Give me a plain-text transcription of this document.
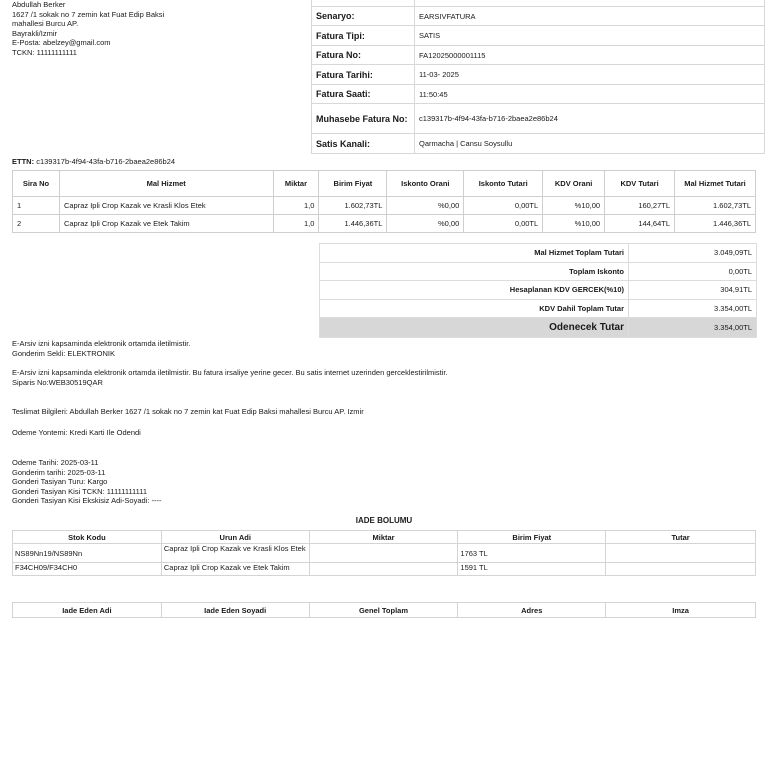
Abdullah Berker
1627 /1 sokak no 7 zemin kat Fuat Edip Baksi
mahallesi Burcu AP.
Bayrakli/Izmir
E-Posta: abelzey@gmail.com
TCKN: 11111111111

Senaryo:	EARSIVFATURA
Fatura Tipi:	SATIS
Fatura No:	FA12025000001115
Fatura Tarihi:	11-03- 2025
Fatura Saati:	11:50:45
Muhasebe Fatura No:	c139317b-4f94-43fa-b716-2baea2e86b24
Satis Kanali:	Qarmacha | Cansu Soysullu
ETTN: c139317b-4f94-43fa-b716-2baea2e86b24
Sira No	Mal Hizmet	Miktar	Birim Fiyat	Iskonto Orani	Iskonto Tutari	KDV Orani	KDV Tutari	Mal Hizmet Tutari
1	Capraz Ipli Crop Kazak ve Krasli Klos Etek	1,0	1.602,73TL	%0,00	0,00TL	%10,00	160,27TL	1.602,73TL
2	Capraz Ipli Crop Kazak ve Etek Takim	1,0	1.446,36TL	%0,00	0,00TL	%10,00	144,64TL	1.446,36TL
Mal Hizmet Toplam Tutari	3.049,09TL
Toplam Iskonto	0,00TL
Hesaplanan KDV GERCEK(%10)	304,91TL
KDV Dahil Toplam Tutar	3.354,00TL
Odenecek Tutar	3.354,00TL
E-Arsiv izni kapsaminda elektronik ortamda iletilmistir.
Gonderim Sekli: ELEKTRONIK
E-Arsiv izni kapsaminda elektronik ortamda iletilmistir. Bu fatura irsaliye yerine gecer. Bu satis internet uzerinden gerceklestirilmistir.
Siparis No:WEB30519QAR
Teslimat Bilgileri: Abdullah Berker 1627 /1 sokak no 7 zemin kat Fuat Edip Baksi mahallesi Burcu AP. Izmir
Odeme Yontemi: Kredi Karti Ile Odendi
Odeme Tarihi: 2025-03-11
Gonderim tarihi: 2025-03-11
Gonderi Tasiyan Turu: Kargo
Gonderi Tasiyan Kisi TCKN: 11111111111
Gonderi Tasiyan Kisi Ekskisiz Adi-Soyadi: ----
IADE BOLUMU
Stok Kodu	Urun Adi	Miktar	Birim Fiyat	Tutar
NS89Nn19/NS89Nn	Capraz Ipli Crop Kazak ve Krasli Klos Etek		1763 TL	
F34CH09/F34CH0	Capraz Ipli Crop Kazak ve Etek Takim		1591 TL	
Iade Eden Adi	Iade Eden Soyadi	Genel Toplam	Adres	Imza
